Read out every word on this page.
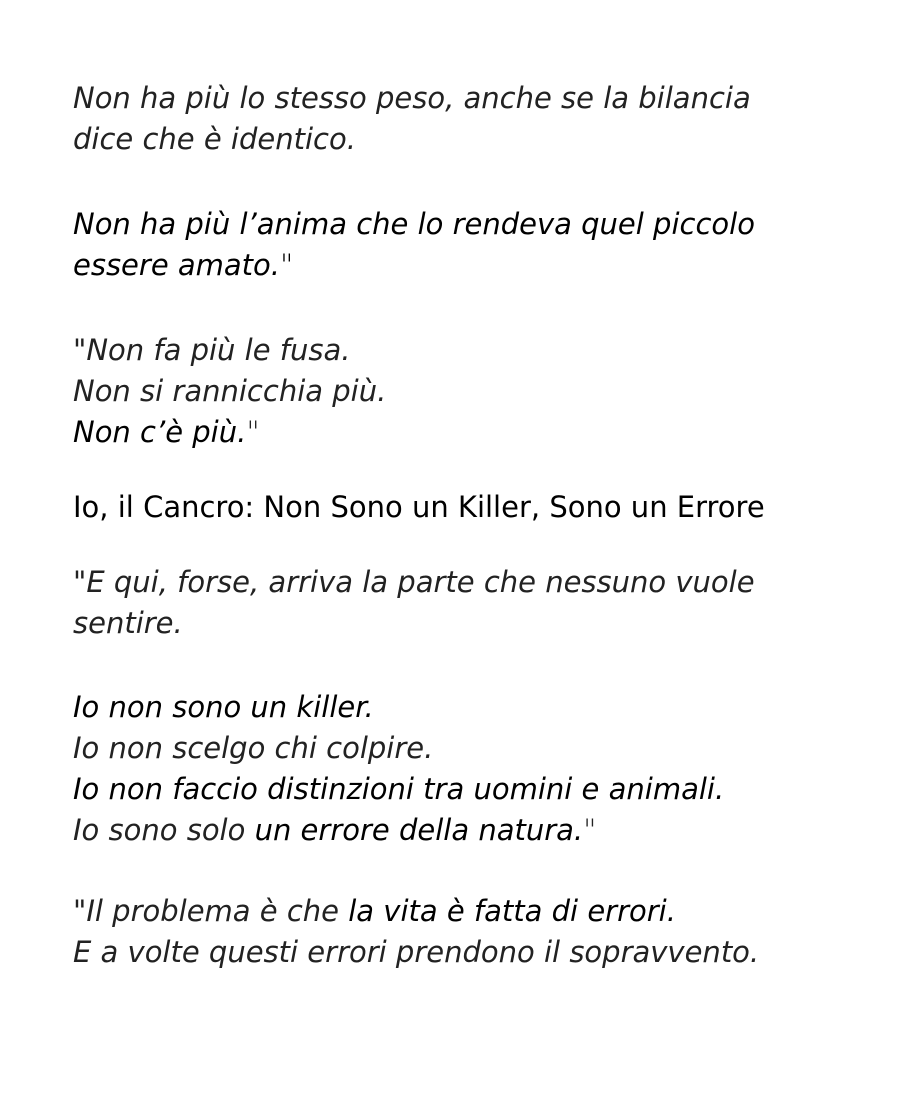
Non ha più lo stesso peso, anche se la bilancia
dice che è identico.

Non ha più l’anima che lo rendeva quel piccolo
essere amato."

"Non fa più le fusa.
Non si rannicchia più.
Non c’è più."

Io, il Cancro: Non Sono un Killer, Sono un Errore

"E qui, forse, arriva la parte che nessuno vuole
sentire.

Io non sono un killer.
Io non scelgo chi colpire.
Io non faccio distinzioni tra uomini e animali.
Io sono solo un errore della natura."

"Il problema è che la vita è fatta di errori.
E a volte questi errori prendono il sopravvento.
